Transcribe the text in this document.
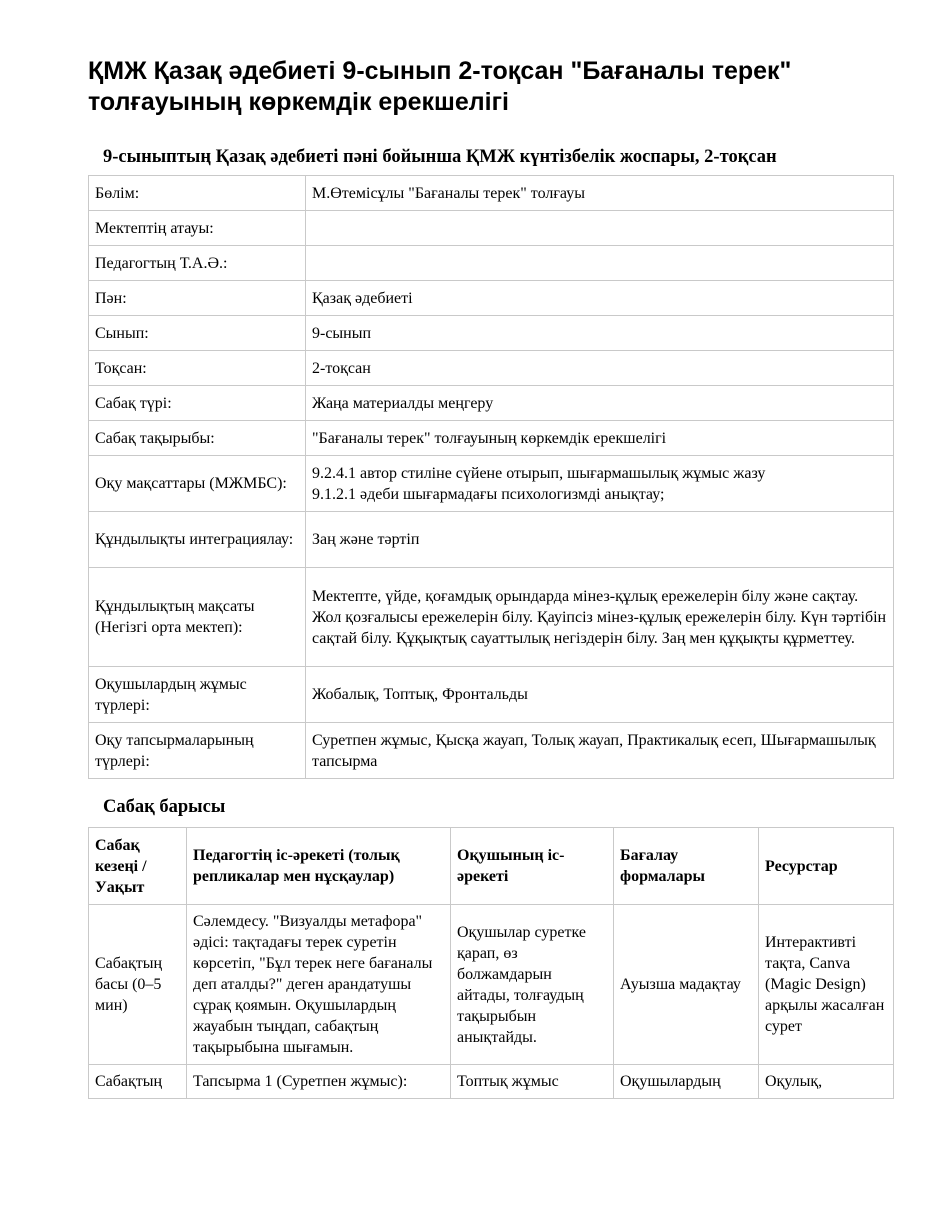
ҚМЖ Қазақ әдебиеті 9-сынып 2-тоқсан "Бағаналы терек" толғауының көркемдік ерекшелігі
9-сыныптың Қазақ әдебиеті пәні бойынша ҚМЖ күнтізбелік жоспары, 2-тоқсан
Бөлім:	М.Өтемісұлы "Бағаналы терек" толғауы
Мектептің атауы:	
Педагогтың Т.А.Ә.:	
Пән:	Қазақ әдебиеті
Сынып:	9-сынып
Тоқсан:	2-тоқсан
Сабақ түрі:	Жаңа материалды меңгеру
Сабақ тақырыбы:	"Бағаналы терек" толғауының көркемдік ерекшелігі
Оқу мақсаттары (МЖМБС):	9.2.4.1 автор стиліне сүйене отырып, шығармашылық жұмыс жазу
9.1.2.1 әдеби шығармадағы психологизмді анықтау;

Құндылықты интеграциялау:	Заң және тәртіп
Құндылықтың мақсаты (Негізгі орта мектеп):	Мектепте, үйде, қоғамдық орындарда мінез-құлық ережелерін білу және сақтау. Жол қозғалысы ережелерін білу. Қауіпсіз мінез-құлық ережелерін білу. Күн тәртібін сақтай білу. Құқықтық сауаттылық негіздерін білу. Заң мен құқықты құрметтеу.
Оқушылардың жұмыс түрлері:	Жобалық, Топтық, Фронтальды
Оқу тапсырмаларының түрлері:	Суретпен жұмыс, Қысқа жауап, Толық жауап, Практикалық есеп, Шығармашылық тапсырма
Сабақ барысы
Сабақ кезеңі / Уақыт	Педагогтің іс-әрекеті (толық репликалар мен нұсқаулар)	Оқушының іс-әрекеті	Бағалау формалары	Ресурстар
Сабақтың басы (0–5 мин)	Сәлемдесу. "Визуалды метафора" әдісі: тақтадағы терек суретін көрсетіп, "Бұл терек неге бағаналы деп аталды?" деген арандатушы сұрақ қоямын. Оқушылардың жауабын тыңдап, сабақтың тақырыбына шығамын.	Оқушылар суретке қарап, өз болжамдарын айтады, толғаудың тақырыбын анықтайды.	Ауызша мадақтау	Интерактивті тақта, Canva (Magic Design) арқылы жасалған сурет
Сабақтың	Тапсырма 1 (Суретпен жұмыс):	Топтық жұмыс	Оқушылардың	Оқулық,
